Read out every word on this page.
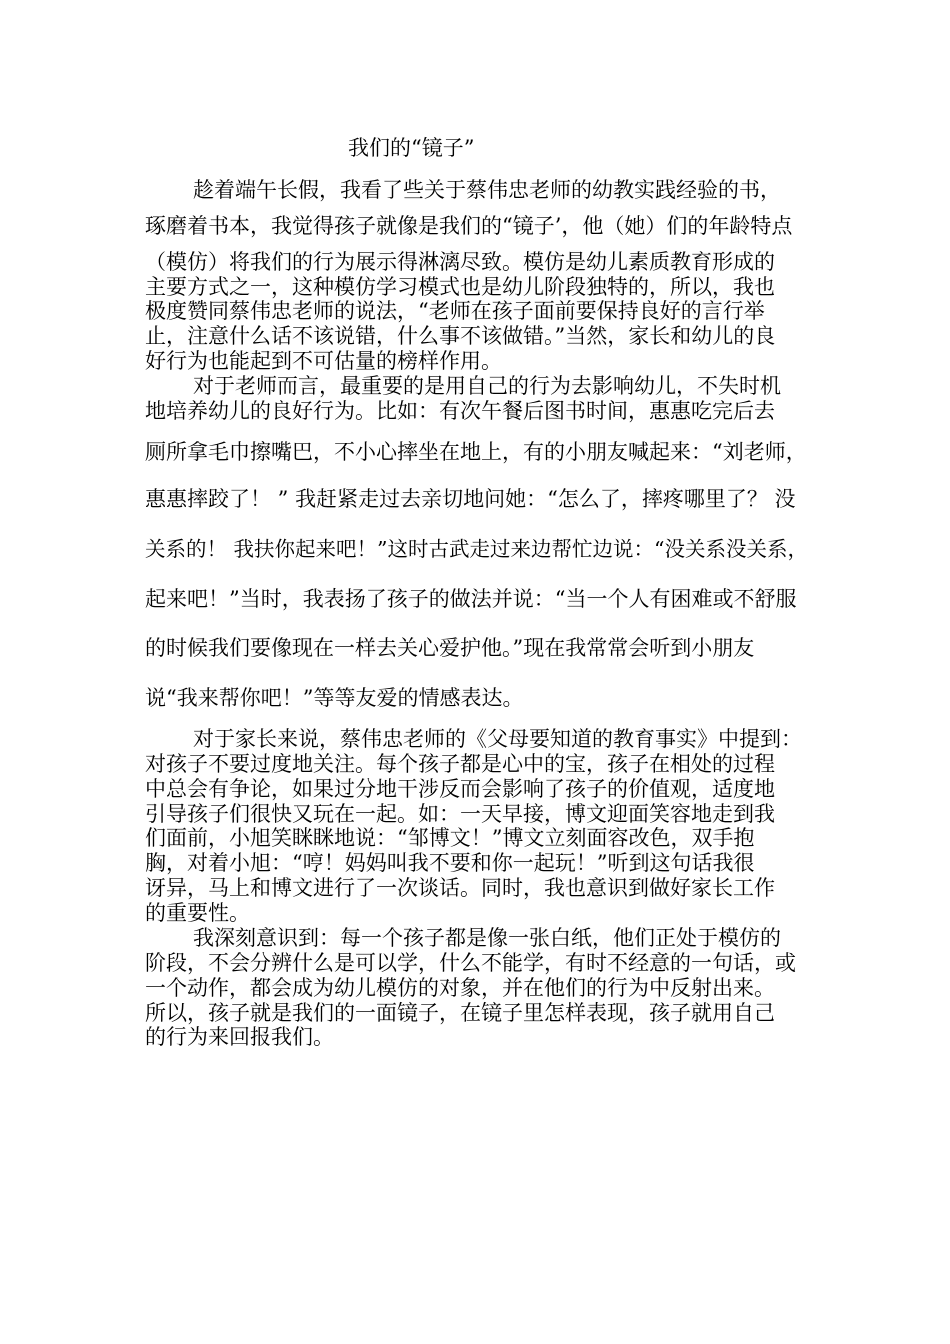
我们的“镜子”
趁着端午长假，我看了些关于蔡伟忠老师的幼教实践经验的书，
琢磨着书本，我觉得孩子就像是我们的“镜子’，他（她）们的年龄特点
（模仿）将我们的行为展示得淋漓尽致。模仿是幼儿素质教育形成的
主要方式之一，这种模仿学习模式也是幼儿阶段独特的，所以，我也
极度赞同蔡伟忠老师的说法，“老师在孩子面前要保持良好的言行举
止，注意什么话不该说错，什么事不该做错。”当然，家长和幼儿的良
好行为也能起到不可估量的榜样作用。
对于老师而言，最重要的是用自己的行为去影响幼儿，不失时机
地培养幼儿的良好行为。比如：有次午餐后图书时间，惠惠吃完后去
厕所拿毛巾擦嘴巴，不小心摔坐在地上，有的小朋友喊起来：“刘老师，
惠惠摔跤了！ ” 我赶紧走过去亲切地问她：“怎么了，摔疼哪里了？ 没
关系的！ 我扶你起来吧！”这时古武走过来边帮忙边说：“没关系没关系，
起来吧！”当时，我表扬了孩子的做法并说：“当一个人有困难或不舒服
的时候我们要像现在一样去关心爱护他。”现在我常常会听到小朋友
说“我来帮你吧！”等等友爱的情感表达。
对于家长来说，蔡伟忠老师的《父母要知道的教育事实》中提到：
对孩子不要过度地关注。每个孩子都是心中的宝，孩子在相处的过程
中总会有争论，如果过分地干涉反而会影响了孩子的价值观，适度地
引导孩子们很快又玩在一起。如：一天早接，博文迎面笑容地走到我
们面前，小旭笑眯眯地说：“邹博文！”博文立刻面容改色，双手抱
胸，对着小旭：“哼！妈妈叫我不要和你一起玩！”听到这句话我很
讶异，马上和博文进行了一次谈话。同时，我也意识到做好家长工作
的重要性。
我深刻意识到：每一个孩子都是像一张白纸，他们正处于模仿的
阶段，不会分辨什么是可以学，什么不能学，有时不经意的一句话，或
一个动作，都会成为幼儿模仿的对象，并在他们的行为中反射出来。
所以，孩子就是我们的一面镜子，在镜子里怎样表现，孩子就用自己
的行为来回报我们。
